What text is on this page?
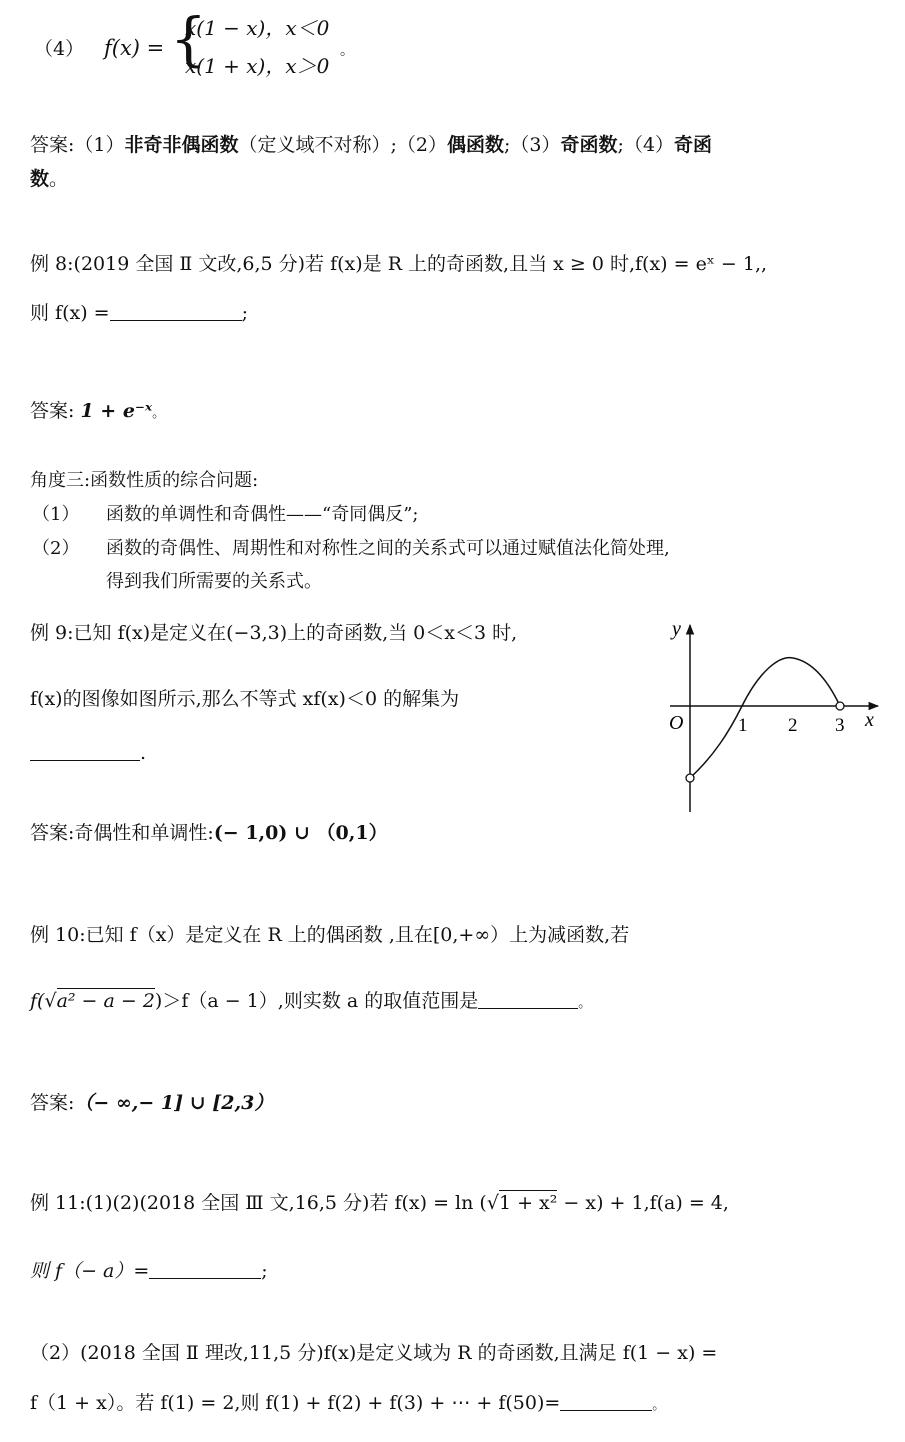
（4） f(x) = {
x(1 − x)，x＜0
x(1 + x)，x＞0
。
答案:（1）非奇非偶函数（定义域不对称）;（2）偶函数;（3）奇函数;（4）奇函
数。
例 8:(2019 全国 Ⅱ 文改,6,5 分)若 f(x)是 R 上的奇函数,且当 x ≥ 0 时,f(x) = eˣ − 1,,
则 f(x) =	;
答案: 1 + e⁻ˣ。
角度三:函数性质的综合问题:
（1） 函数的单调性和奇偶性——“奇同偶反”;
（2） 函数的奇偶性、周期性和对称性之间的关系式可以通过赋值法化简处理,
得到我们所需要的关系式。
例 9:已知 f(x)是定义在(−3,3)上的奇函数,当 0＜x＜3 时,
f(x)的图像如图所示,那么不等式 xf(x)＜0 的解集为
.
y
x
O	1 2 3
答案:奇偶性和单调性:(− 1,0) ∪ （0,1）
例 10:已知 f（x）是定义在 R 上的偶函数 ,且在[0,+∞）上为减函数,若
f(√a² − a − 2)＞f（a − 1）,则实数 a 的取值范围是	。
答案:（− ∞,− 1] ∪ [2,3）
例 11:(1)(2)(2018 全国 Ⅲ 文,16,5 分)若 f(x) = ln (√1 + x² − x) + 1,f(a) = 4,
则 f（− a）=	;
（2）(2018 全国 Ⅱ 理改,11,5 分)f(x)是定义域为 R 的奇函数,且满足 f(1 − x) =
f（1 + x）。若 f(1) = 2,则 f(1) + f(2) + f(3) + ⋯ + f(50)=	。
